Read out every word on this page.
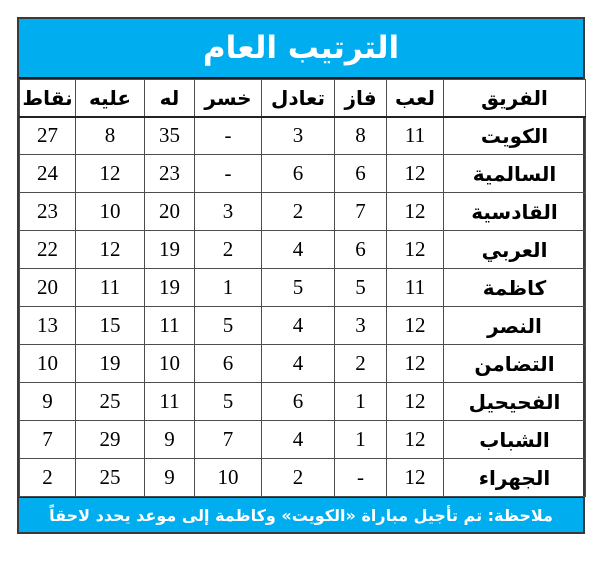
الترتيب العام
الفريق	لعب	فاز	تعادل	خسر	له	عليه	نقاط
الكويت	11	8	3	-	35	8	27
السالمية	12	6	6	-	23	12	24
القادسية	12	7	2	3	20	10	23
العربي	12	6	4	2	19	12	22
كاظمة	11	5	5	1	19	11	20
النصر	12	3	4	5	11	15	13
التضامن	12	2	4	6	10	19	10
الفحيحيل	12	1	6	5	11	25	9
الشباب	12	1	4	7	9	29	7
الجهراء	12	-	2	10	9	25	2
ملاحظة: تم تأجيل مباراة «الكويت» وكاظمة إلى موعد يحدد لاحقاً
